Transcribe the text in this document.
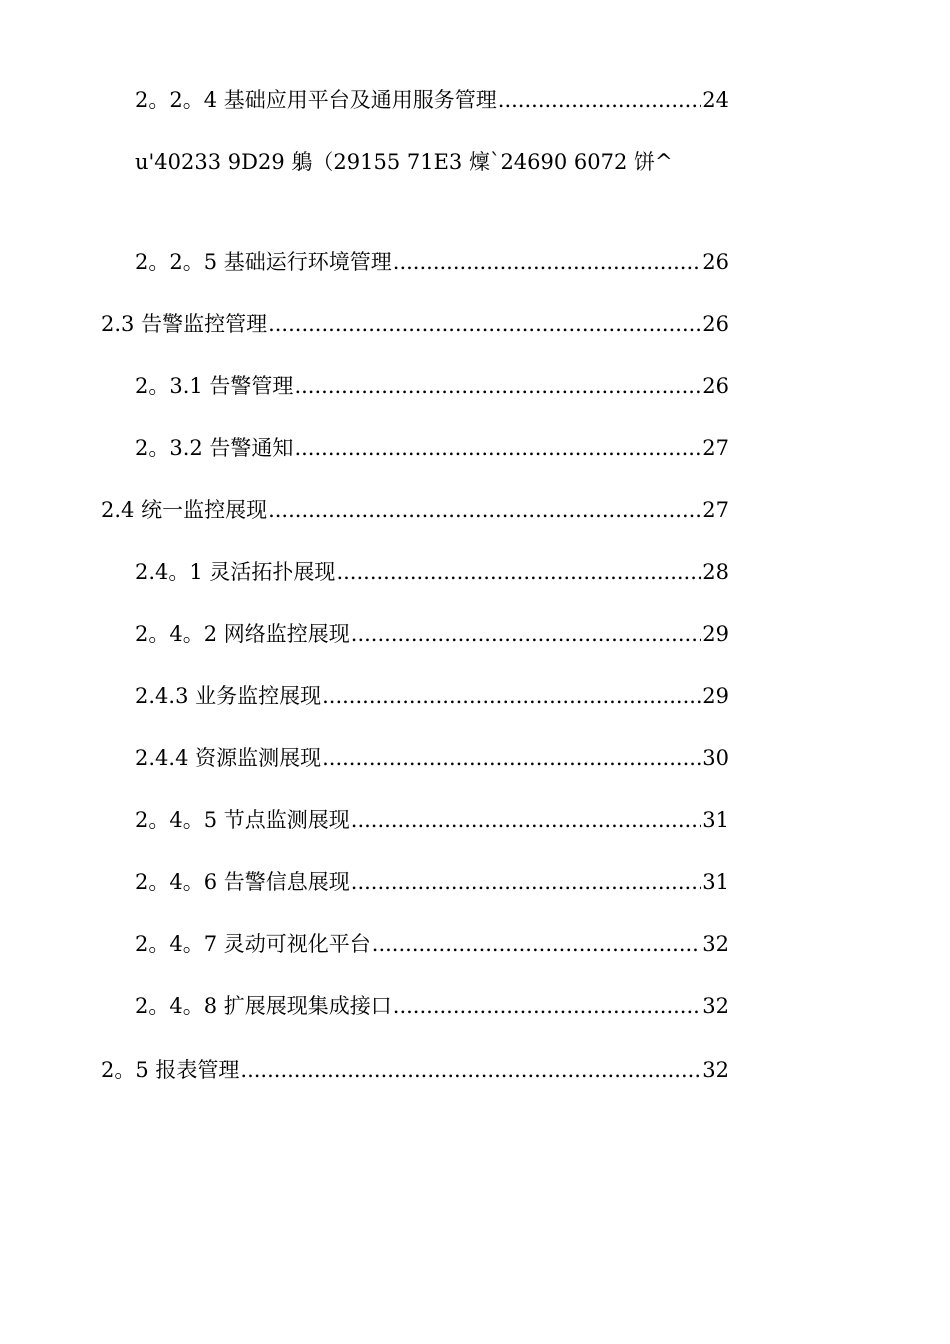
2。2。4 基础应用平台及通用服务管理 .....	24
u'40233 9D29 鵢（29155 71E3 燣`24690 6072 饼^
2。2。5 基础运行环境管理 .....	26
2.3 告警监控管理 .....	26
2。3.1 告警管理 .....	26
2。3.2 告警通知 .....	27
2.4 统一监控展现 .....	27
2.4。1 灵活拓扑展现 .....	28
2。4。2 网络监控展现 .....	29
2.4.3 业务监控展现 .....	29
2.4.4 资源监测展现 .....	30
2。4。5 节点监测展现 .....	31
2。4。6 告警信息展现 .....	31
2。4。7 灵动可视化平台 .....	32
2。4。8 扩展展现集成接口 .....	32
2。5 报表管理 .....	32
